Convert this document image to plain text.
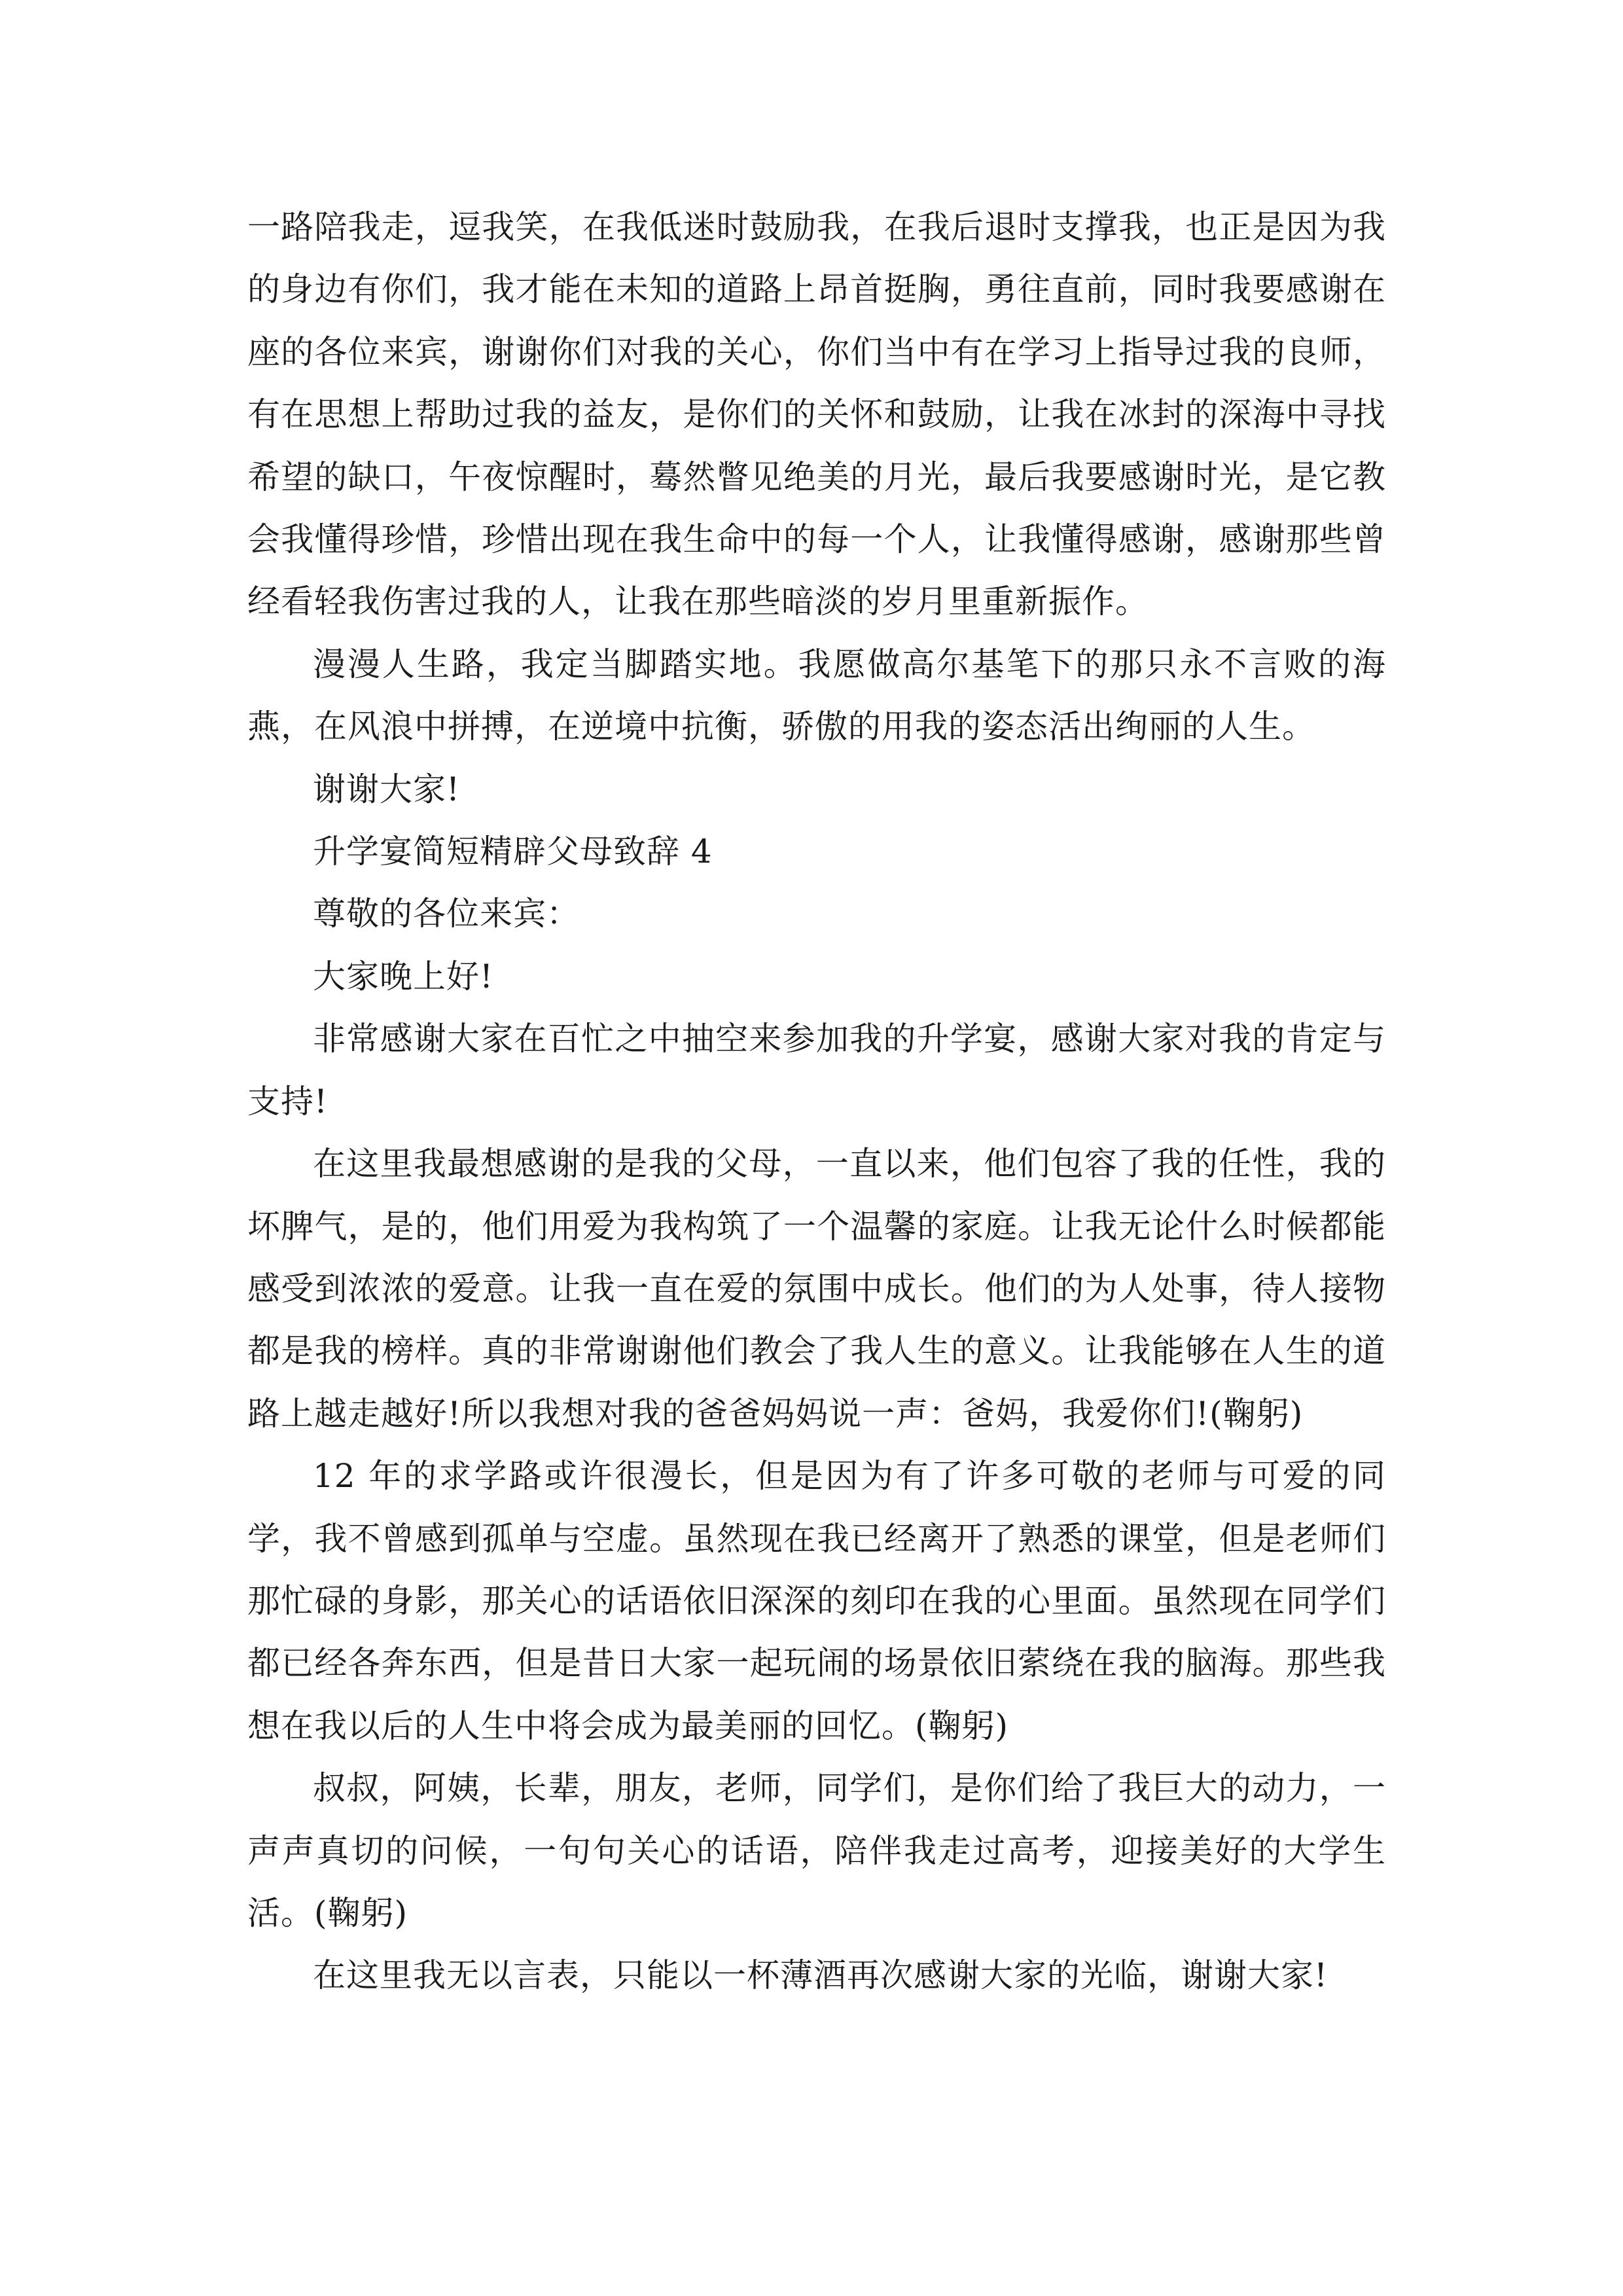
一路陪我走，逗我笑，在我低迷时鼓励我，在我后退时支撑我，也正是因为我的身边有你们，我才能在未知的道路上昂首挺胸，勇往直前，同时我要感谢在座的各位来宾，谢谢你们对我的关心，你们当中有在学习上指导过我的良师，有在思想上帮助过我的益友，是你们的关怀和鼓励，让我在冰封的深海中寻找希望的缺口，午夜惊醒时，蓦然瞥见绝美的月光，最后我要感谢时光，是它教会我懂得珍惜，珍惜出现在我生命中的每一个人，让我懂得感谢，感谢那些曾经看轻我伤害过我的人，让我在那些暗淡的岁月里重新振作。

漫漫人生路，我定当脚踏实地。我愿做高尔基笔下的那只永不言败的海燕，在风浪中拼搏，在逆境中抗衡，骄傲的用我的姿态活出绚丽的人生。

谢谢大家!

升学宴简短精辟父母致辞 4

尊敬的各位来宾：

大家晚上好!

非常感谢大家在百忙之中抽空来参加我的升学宴，感谢大家对我的肯定与支持!

在这里我最想感谢的是我的父母，一直以来，他们包容了我的任性，我的坏脾气，是的，他们用爱为我构筑了一个温馨的家庭。让我无论什么时候都能感受到浓浓的爱意。让我一直在爱的氛围中成长。他们的为人处事，待人接物都是我的榜样。真的非常谢谢他们教会了我人生的意义。让我能够在人生的道路上越走越好!所以我想对我的爸爸妈妈说一声：爸妈，我爱你们!(鞠躬)

12 年的求学路或许很漫长，但是因为有了许多可敬的老师与可爱的同学，我不曾感到孤单与空虚。虽然现在我已经离开了熟悉的课堂，但是老师们那忙碌的身影，那关心的话语依旧深深的刻印在我的心里面。虽然现在同学们都已经各奔东西，但是昔日大家一起玩闹的场景依旧萦绕在我的脑海。那些我想在我以后的人生中将会成为最美丽的回忆。(鞠躬)

叔叔，阿姨，长辈，朋友，老师，同学们，是你们给了我巨大的动力，一声声真切的问候，一句句关心的话语，陪伴我走过高考，迎接美好的大学生活。(鞠躬)

在这里我无以言表，只能以一杯薄酒再次感谢大家的光临，谢谢大家!
